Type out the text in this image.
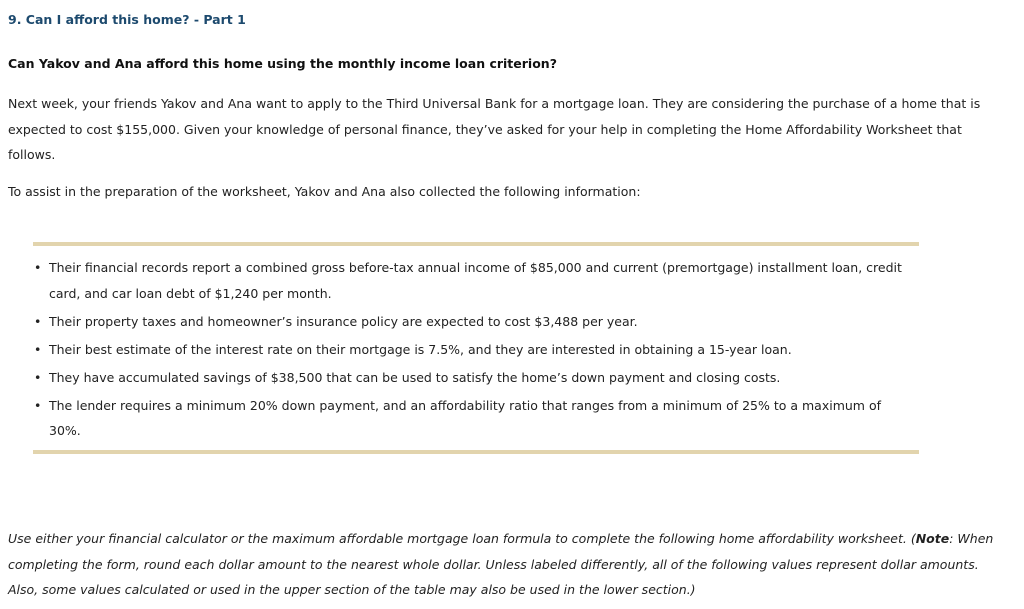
9. Can I afford this home? - Part 1
Can Yakov and Ana afford this home using the monthly income loan criterion?

Next week, your friends Yakov and Ana want to apply to the Third Universal Bank for a mortgage loan. They are considering the purchase of a home that is expected to cost $155,000. Given your knowledge of personal finance, they’ve asked for your help in completing the Home Affordability Worksheet that follows.

To assist in the preparation of the worksheet, Yakov and Ana also collected the following information:

• Their financial records report a combined gross before-tax annual income of $85,000 and current (premortgage) installment loan, credit card, and car loan debt of $1,240 per month.
• Their property taxes and homeowner’s insurance policy are expected to cost $3,488 per year.
• Their best estimate of the interest rate on their mortgage is 7.5%, and they are interested in obtaining a 15-year loan.
• They have accumulated savings of $38,500 that can be used to satisfy the home’s down payment and closing costs.
• The lender requires a minimum 20% down payment, and an affordability ratio that ranges from a minimum of 25% to a maximum of 30%.

Use either your financial calculator or the maximum affordable mortgage loan formula to complete the following home affordability worksheet. (Note: When completing the form, round each dollar amount to the nearest whole dollar. Unless labeled differently, all of the following values represent dollar amounts. Also, some values calculated or used in the upper section of the table may also be used in the lower section.)
